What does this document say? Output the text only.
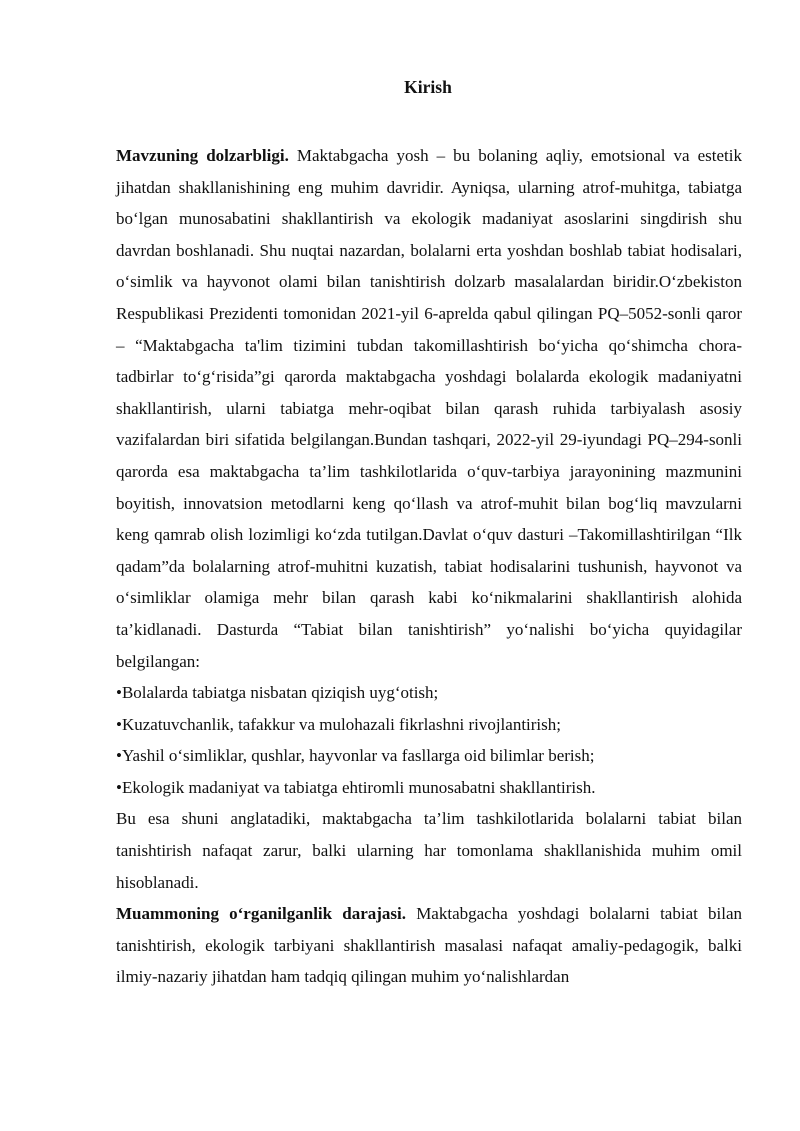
Kirish

Mavzuning dolzarbligi. Maktabgacha yosh – bu bolaning aqliy, emotsional va estetik jihatdan shakllanishining eng muhim davridir. Ayniqsa, ularning atrof-muhitga, tabiatga bo‘lgan munosabatini shakllantirish va ekologik madaniyat asoslarini singdirish shu davrdan boshlanadi. Shu nuqtai nazardan, bolalarni erta yoshdan boshlab tabiat hodisalari, o‘simlik va hayvonot olami bilan tanishtirish dolzarb masalalardan biridir.O‘zbekiston Respublikasi Prezidenti tomonidan 2021-yil 6-aprelda qabul qilingan PQ–5052-sonli qaror – “Maktabgacha ta'lim tizimini tubdan takomillashtirish bo‘yicha qo‘shimcha chora-tadbirlar to‘g‘risida”gi qarorda maktabgacha yoshdagi bolalarda ekologik madaniyatni shakllantirish, ularni tabiatga mehr-oqibat bilan qarash ruhida tarbiyalash asosiy vazifalardan biri sifatida belgilangan.Bundan tashqari, 2022-yil 29-iyundagi PQ–294-sonli qarorda esa maktabgacha ta’lim tashkilotlarida o‘quv-tarbiya jarayonining mazmunini boyitish, innovatsion metodlarni keng qo‘llash va atrof-muhit bilan bog‘liq mavzularni keng qamrab olish lozimligi ko‘zda tutilgan.Davlat o‘quv dasturi –Takomillashtirilgan “Ilk qadam”da bolalarning atrof-muhitni kuzatish, tabiat hodisalarini tushunish, hayvonot va o‘simliklar olamiga mehr bilan qarash kabi ko‘nikmalarini shakllantirish alohida ta’kidlanadi. Dasturda “Tabiat bilan tanishtirish” yo‘nalishi bo‘yicha quyidagilar belgilangan:

•Bolalarda tabiatga nisbatan qiziqish uyg‘otish;

•Kuzatuvchanlik, tafakkur va mulohazali fikrlashni rivojlantirish;

•Yashil o‘simliklar, qushlar, hayvonlar va fasllarga oid bilimlar berish;

•Ekologik madaniyat va tabiatga ehtiromli munosabatni shakllantirish.

Bu esa shuni anglatadiki, maktabgacha ta’lim tashkilotlarida bolalarni tabiat bilan tanishtirish nafaqat zarur, balki ularning har tomonlama shakllanishida muhim omil hisoblanadi.

Muammoning o‘rganilganlik darajasi. Maktabgacha yoshdagi bolalarni tabiat bilan tanishtirish, ekologik tarbiyani shakllantirish masalasi nafaqat amaliy-pedagogik, balki ilmiy-nazariy jihatdan ham tadqiq qilingan muhim yo‘nalishlardan
